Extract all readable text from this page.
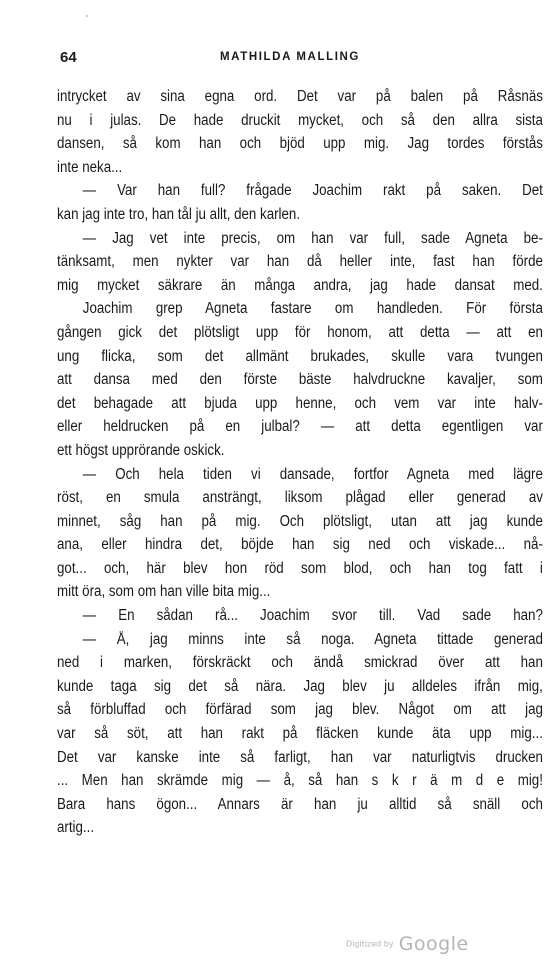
64	MATHILDA MALLING
intrycket av sina egna ord. Det var på balen på Råsnäs
nu i julas. De hade druckit mycket, och så den allra sista
dansen, så kom han och bjöd upp mig. Jag tordes förstås
inte neka...
— Var han full? frågade Joachim rakt på saken. Det
kan jag inte tro, han tål ju allt, den karlen.
— Jag vet inte precis, om han var full, sade Agneta be-
tänksamt, men nykter var han då heller inte, fast han förde
mig mycket säkrare än många andra, jag hade dansat med.
Joachim grep Agneta fastare om handleden. För första
gången gick det plötsligt upp för honom, att detta — att en
ung flicka, som det allmänt brukades, skulle vara tvungen
att dansa med den förste bäste halvdruckne kavaljer, som
det behagade att bjuda upp henne, och vem var inte halv-
eller heldrucken på en julbal? — att detta egentligen var
ett högst upprörande oskick.
— Och hela tiden vi dansade, fortfor Agneta med lägre
röst, en smula ansträngt, liksom plågad eller generad av
minnet, såg han på mig. Och plötsligt, utan att jag kunde
ana, eller hindra det, böjde han sig ned och viskade... nå-
got... och, här blev hon röd som blod, och han tog fatt i
mitt öra, som om han ville bita mig...
— En sådan rå... Joachim svor till. Vad sade han?
— Å, jag minns inte så noga. Agneta tittade generad
ned i marken, förskräckt och ändå smickrad över att han
kunde taga sig det så nära. Jag blev ju alldeles ifrån mig,
så förbluffad och förfärad som jag blev. Något om att jag
var så söt, att han rakt på fläcken kunde äta upp mig...
Det var kanske inte så farligt, han var naturligtvis drucken
... Men han skrämde mig — å, så han s k r ä m d e mig!
Bara hans ögon... Annars är han ju alltid så snäll och
artig...
Digitized by Google
